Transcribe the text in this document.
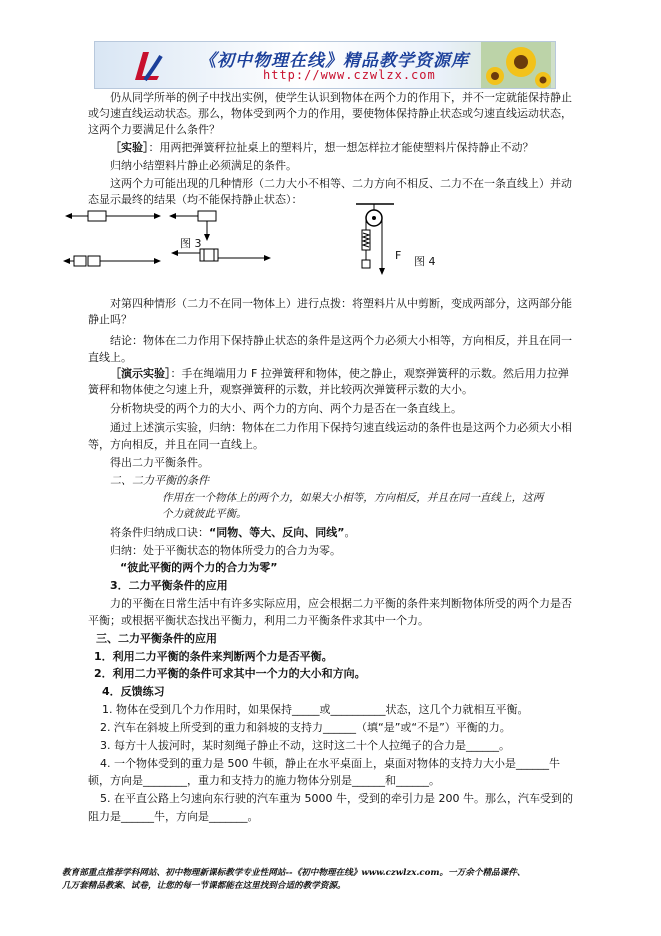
《初中物理在线》精品教学资源库
http://www.czwlzx.com

仍从同学所举的例子中找出实例，使学生认识到物体在两个力的作用下，并不一定就能保持静止或匀速直线运动状态。那么，物体受到两个力的作用，要使物体保持静止状态或匀速直线运动状态，这两个力要满足什么条件？

［实验］：用两把弹簧秤拉扯桌上的塑料片，想一想怎样拉才能使塑料片保持静止不动？
归纳小结塑料片静止必须满足的条件。

这两个力可能出现的几种情形（二力大小不相等、二力方向不相反、二力不在一条直线上）并动态显示最终的结果（均不能保持静止状态）：

图 3
F 图 4

对第四种情形（二力不在同一物体上）进行点拨：将塑料片从中剪断，变成两部分，这两部分能静止吗？

结论：物体在二力作用下保持静止状态的条件是这两个力必须大小相等，方向相反，并且在同一直线上。

［演示实验］：手在绳端用力 F 拉弹簧秤和物体，使之静止，观察弹簧秤的示数。然后用力拉弹簧秤和物体使之匀速上升，观察弹簧秤的示数，并比较两次弹簧秤示数的大小。

分析物块受的两个力的大小、两个力的方向、两个力是否在一条直线上。

通过上述演示实验，归纳：物体在二力作用下保持匀速直线运动的条件也是这两个力必须大小相等，方向相反，并且在同一直线上。

得出二力平衡条件。
二、二力平衡的条件
作用在一个物体上的两个力，如果大小相等，方向相反，并且在同一直线上，这两
个力就彼此平衡。
将条件归纳成口诀：“同物、等大、反向、同线”。
归纳：处于平衡状态的物体所受力的合力为零。
“彼此平衡的两个力的合力为零”
3．二力平衡条件的应用

力的平衡在日常生活中有许多实际应用，应会根据二力平衡的条件来判断物体所受的两个力是否平衡；或根据平衡状态找出平衡力，利用二力平衡条件求其中一个力。

三、二力平衡条件的应用
1．利用二力平衡的条件来判断两个力是否平衡。
2．利用二力平衡的条件可求其中一个力的大小和方向。
4．反馈练习
1. 物体在受到几个力作用时，如果保持_____或__________状态，这几个力就相互平衡。
2. 汽车在斜坡上所受到的重力和斜坡的支持力______（填“是”或“不是”）平衡的力。
3. 每方十人拔河时，某时刻绳子静止不动，这时这二十个人拉绳子的合力是______。
4. 一个物体受到的重力是 500 牛顿，静止在水平桌面上，桌面对物体的支持力大小是______牛
顿，方向是________，重力和支持力的施力物体分别是______和______。
5. 在平直公路上匀速向东行驶的汽车重为 5000 牛，受到的牵引力是 200 牛。那么，汽车受到的
阻力是______牛，方向是_______。
教育部重点推荐学科网站、初中物理新课标教学专业性网站--《初中物理在线》www.czwlzx.com。一万余个精品课件、
几万套精品教案、试卷，让您的每一节课都能在这里找到合适的教学资源。
